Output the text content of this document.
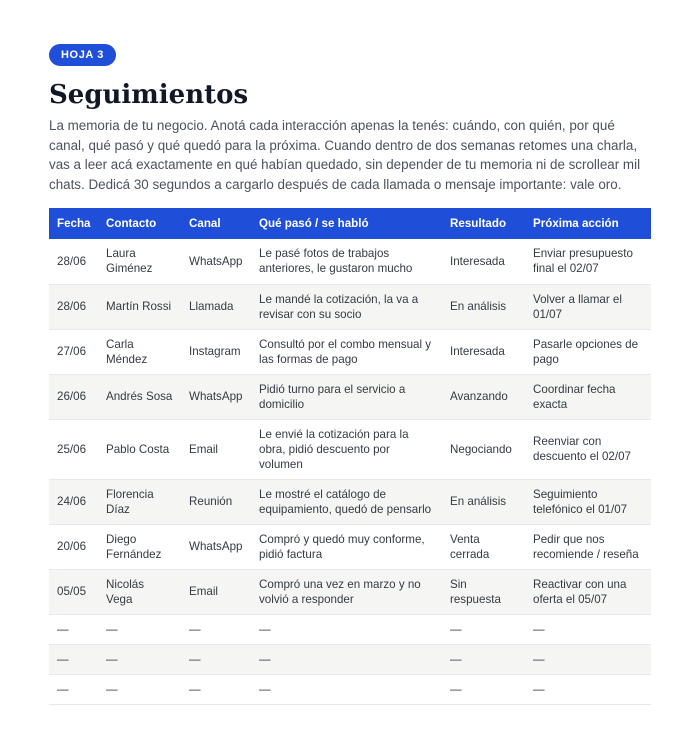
HOJA 3
Seguimientos

La memoria de tu negocio. Anotá cada interacción apenas la tenés: cuándo, con quién, por qué canal, qué pasó y qué quedó para la próxima. Cuando dentro de dos semanas retomes una charla, vas a leer acá exactamente en qué habían quedado, sin depender de tu memoria ni de scrollear mil chats. Dedicá 30 segundos a cargarlo después de cada llamada o mensaje importante: vale oro.

Fecha	Contacto	Canal	Qué pasó / se habló	Resultado	Próxima acción
28/06	Laura Giménez	WhatsApp	Le pasé fotos de trabajos anteriores, le gustaron mucho	Interesada	Enviar presupuesto final el 02/07
28/06	Martín Rossi	Llamada	Le mandé la cotización, la va a revisar con su socio	En análisis	Volver a llamar el 01/07
27/06	Carla Méndez	Instagram	Consultó por el combo mensual y las formas de pago	Interesada	Pasarle opciones de pago
26/06	Andrés Sosa	WhatsApp	Pidió turno para el servicio a domicilio	Avanzando	Coordinar fecha exacta
25/06	Pablo Costa	Email	Le envié la cotización para la obra, pidió descuento por volumen	Negociando	Reenviar con descuento el 02/07
24/06	Florencia Díaz	Reunión	Le mostré el catálogo de equipamiento, quedó de pensarlo	En análisis	Seguimiento telefónico el 01/07
20/06	Diego Fernández	WhatsApp	Compró y quedó muy conforme, pidió factura	Venta cerrada	Pedir que nos recomiende / reseña
05/05	Nicolás Vega	Email	Compró una vez en marzo y no volvió a responder	Sin respuesta	Reactivar con una oferta el 05/07
—	—	—	—	—	—
—	—	—	—	—	—
—	—	—	—	—	—
